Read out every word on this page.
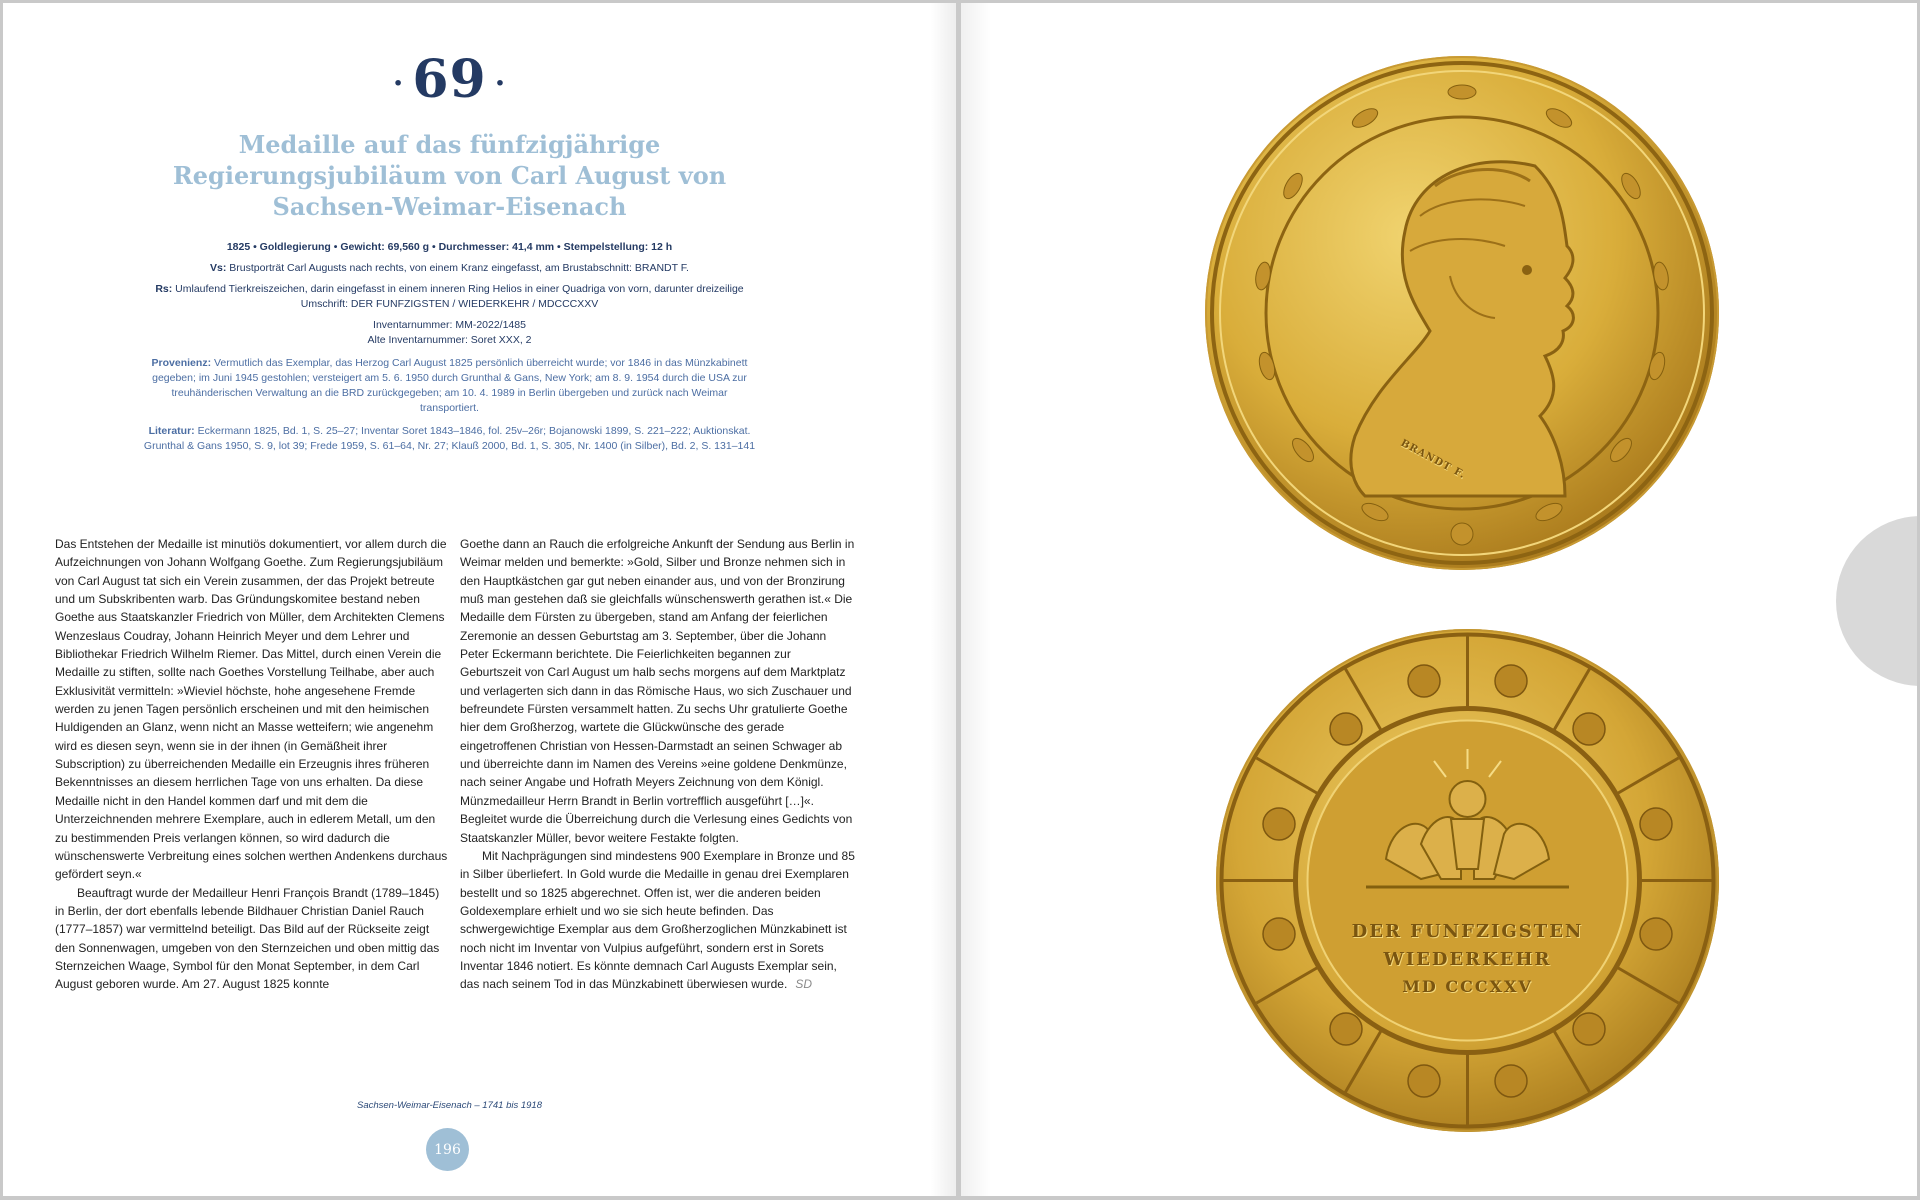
· 69 ·
Medaille auf das fünfzigjährige Regierungsjubiläum von Carl August von Sachsen-Weimar-Eisenach
1825 • Goldlegierung • Gewicht: 69,560 g • Durchmesser: 41,4 mm • Stempelstellung: 12 h
Vs: Brustporträt Carl Augusts nach rechts, von einem Kranz eingefasst, am Brustabschnitt: BRANDT F.
Rs: Umlaufend Tierkreiszeichen, darin eingefasst in einem inneren Ring Helios in einer Quadriga von vorn, darunter dreizeilige Umschrift: DER FUNFZIGSTEN / WIEDERKEHR / MDCCCXXV
Inventarnummer: MM-2022/1485
Alte Inventarnummer: Soret XXX, 2
Provenienz: Vermutlich das Exemplar, das Herzog Carl August 1825 persönlich überreicht wurde; vor 1846 in das Münzkabinett gegeben; im Juni 1945 gestohlen; versteigert am 5. 6. 1950 durch Grunthal & Gans, New York; am 8. 9. 1954 durch die USA zur treuhänderischen Verwaltung an die BRD zurückgegeben; am 10. 4. 1989 in Berlin übergeben und zurück nach Weimar transportiert.
Literatur: Eckermann 1825, Bd. 1, S. 25–27; Inventar Soret 1843–1846, fol. 25v–26r; Bojanowski 1899, S. 221–222; Auktionskat. Grunthal & Gans 1950, S. 9, lot 39; Frede 1959, S. 61–64, Nr. 27; Klauß 2000, Bd. 1, S. 305, Nr. 1400 (in Silber), Bd. 2, S. 131–141

Das Entstehen der Medaille ist minutiös dokumentiert, vor allem durch die Aufzeichnungen von Johann Wolfgang Goethe. Zum Regierungsjubiläum von Carl August tat sich ein Verein zusammen, der das Projekt betreute und um Subskribenten warb. Das Gründungskomitee bestand neben Goethe aus Staatskanzler Friedrich von Müller, dem Architekten Clemens Wenzeslaus Coudray, Johann Heinrich Meyer und dem Lehrer und Bibliothekar Friedrich Wilhelm Riemer. Das Mittel, durch einen Verein die Medaille zu stiften, sollte nach Goethes Vorstellung Teilhabe, aber auch Exklusivität vermitteln: »Wieviel höchste, hohe angesehene Fremde werden zu jenen Tagen persönlich erscheinen und mit den heimischen Huldigenden an Glanz, wenn nicht an Masse wetteifern; wie angenehm wird es diesen seyn, wenn sie in der ihnen (in Gemäßheit ihrer Subscription) zu überreichenden Medaille ein Erzeugnis ihres früheren Bekenntnisses an diesem herrlichen Tage von uns erhalten. Da diese Medaille nicht in den Handel kommen darf und mit dem die Unterzeichnenden mehrere Exemplare, auch in edlerem Metall, um den zu bestimmenden Preis verlangen können, so wird dadurch die wünschenswerte Verbreitung eines solchen werthen Andenkens durchaus gefördert seyn.«

Beauftragt wurde der Medailleur Henri François Brandt (1789–1845) in Berlin, der dort ebenfalls lebende Bildhauer Christian Daniel Rauch (1777–1857) war vermittelnd beteiligt. Das Bild auf der Rückseite zeigt den Sonnenwagen, umgeben von den Sternzeichen und oben mittig das Sternzeichen Waage, Symbol für den Monat September, in dem Carl August geboren wurde. Am 27. August 1825 konnte

Goethe dann an Rauch die erfolgreiche Ankunft der Sendung aus Berlin in Weimar melden und bemerkte: »Gold, Silber und Bronze nehmen sich in den Hauptkästchen gar gut neben einander aus, und von der Bronzirung muß man gestehen daß sie gleichfalls wünschenswerth gerathen ist.« Die Medaille dem Fürsten zu übergeben, stand am Anfang der feierlichen Zeremonie an dessen Geburtstag am 3. September, über die Johann Peter Eckermann berichtete. Die Feierlichkeiten begannen zur Geburtszeit von Carl August um halb sechs morgens auf dem Marktplatz und verlagerten sich dann in das Römische Haus, wo sich Zuschauer und befreundete Fürsten versammelt hatten. Zu sechs Uhr gratulierte Goethe hier dem Großherzog, wartete die Glückwünsche des gerade eingetroffenen Christian von Hessen-Darmstadt an seinen Schwager ab und überreichte dann im Namen des Vereins »eine goldene Denkmünze, nach seiner Angabe und Hofrath Meyers Zeichnung von dem Königl. Münzmedailleur Herrn Brandt in Berlin vortrefflich ausgeführt […]«. Begleitet wurde die Überreichung durch die Verlesung eines Gedichts von Staatskanzler Müller, bevor weitere Festakte folgten.

Mit Nachprägungen sind mindestens 900 Exemplare in Bronze und 85 in Silber überliefert. In Gold wurde die Medaille in genau drei Exemplaren bestellt und so 1825 abgerechnet. Offen ist, wer die anderen beiden Goldexemplare erhielt und wo sie sich heute befinden. Das schwergewichtige Exemplar aus dem Großherzoglichen Münzkabinett ist noch nicht im Inventar von Vulpius aufgeführt, sondern erst in Sorets Inventar 1846 notiert. Es könnte demnach Carl Augusts Exemplar sein, das nach seinem Tod in das Münzkabinett überwiesen wurde. SD

Sachsen-Weimar-Eisenach – 1741 bis 1918
196
BRANDT F.
DER FUNFZIGSTEN
WIEDERKEHR
MD CCCXXV
